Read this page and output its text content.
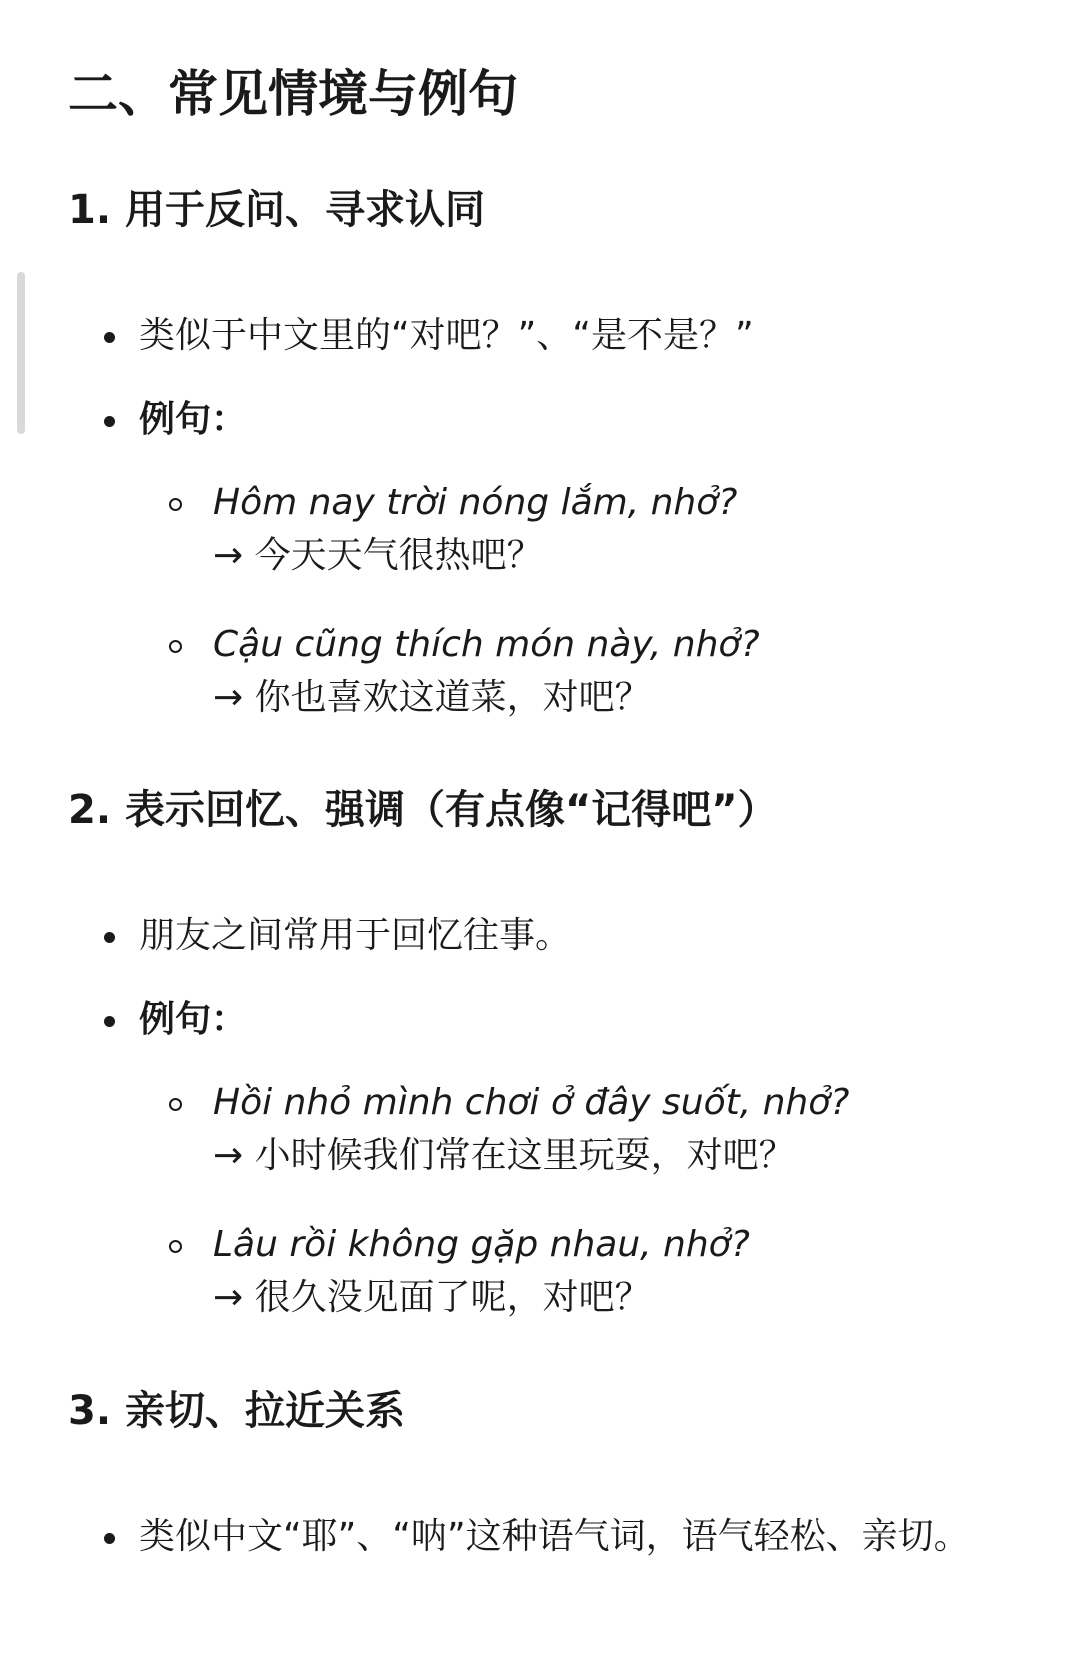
二、常见情境与例句
1. 用于反问、寻求认同
类似于中文里的“对吧？”、“是不是？”
例句：
Hôm nay trời nóng lắm, nhở?
→ 今天天气很热吧？
Cậu cũng thích món này, nhở?
→ 你也喜欢这道菜，对吧？
2. 表示回忆、强调（有点像“记得吧”）
朋友之间常用于回忆往事。
例句：
Hồi nhỏ mình chơi ở đây suốt, nhở?
→ 小时候我们常在这里玩耍，对吧？
Lâu rồi không gặp nhau, nhở?
→ 很久没见面了呢，对吧？
3. 亲切、拉近关系
类似中文“耶”、“呐”这种语气词，语气轻松、亲切。
